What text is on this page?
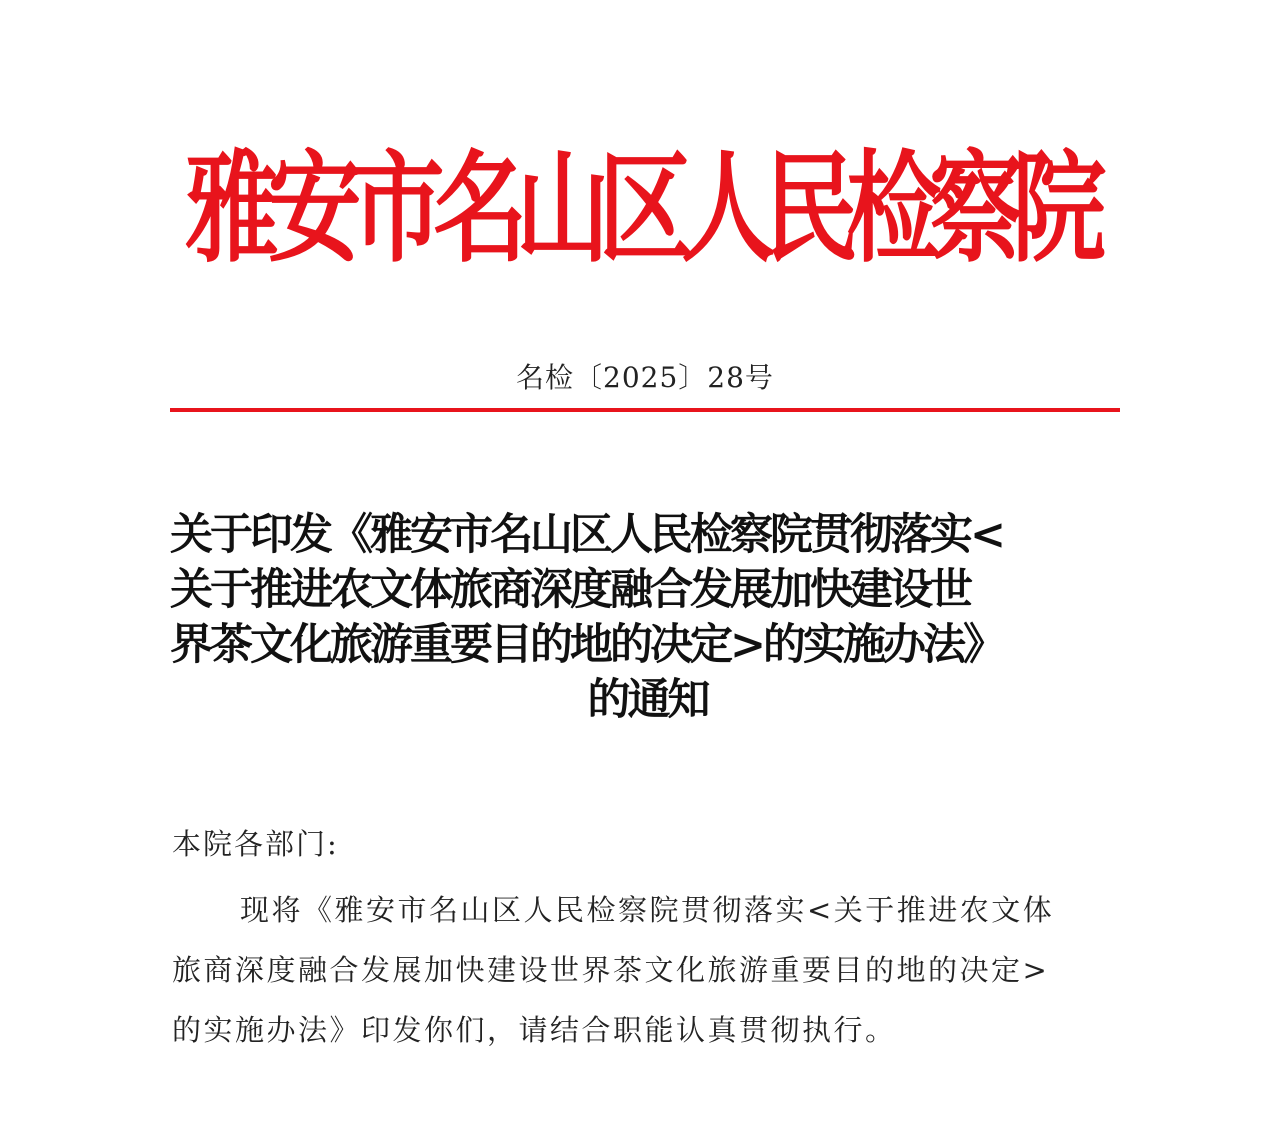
雅安市名山区人民检察院
名检〔2025〕28号
关于印发《雅安市名山区人民检察院贯彻落实<
关于推进农文体旅商深度融合发展加快建设世
界茶文化旅游重要目的地的决定>的实施办法》
的通知
本院各部门:
现将《雅安市名山区人民检察院贯彻落实<关于推进农文体
旅商深度融合发展加快建设世界茶文化旅游重要目的地的决定>
的实施办法》印发你们，请结合职能认真贯彻执行。
